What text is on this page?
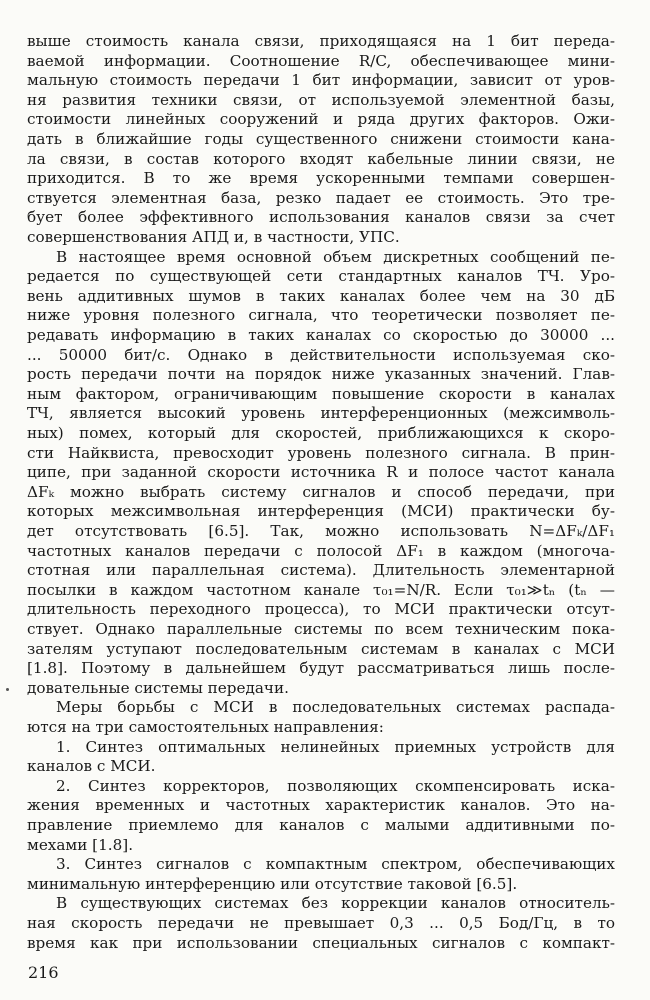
выше стоимость канала связи, приходящаяся на 1 бит переда-
ваемой информации. Соотношение R/C, обеспечивающее мини-
мальную стоимость передачи 1 бит информации, зависит от уров-
ня развития техники связи, от используемой элементной базы,
стоимости линейных сооружений и ряда других факторов. Ожи-
дать в ближайшие годы существенного снижени стоимости кана-
ла связи, в состав которого входят кабельные линии связи, не
приходится. В то же время ускоренными темпами совершен-
ствуется элементная база, резко падает ее стоимость. Это тре-
бует более эффективного использования каналов связи за счет
совершенствования АПД и, в частности, УПС.
В настоящее время основной объем дискретных сообщений пе-
редается по существующей сети стандартных каналов ТЧ. Уро-
вень аддитивных шумов в таких каналах более чем на 30 дБ
ниже уровня полезного сигнала, что теоретически позволяет пе-
редавать информацию в таких каналах со скоростью до 30000 ...
... 50000 бит/с. Однако в действительности используемая ско-
рость передачи почти на порядок ниже указанных значений. Глав-
ным фактором, ограничивающим повышение скорости в каналах
ТЧ, является высокий уровень интерференционных (межсимволь-
ных) помех, который для скоростей, приближающихся к скоро-
сти Найквиста, превосходит уровень полезного сигнала. В прин-
ципе, при заданной скорости источника R и полосе частот канала
ΔFₖ можно выбрать систему сигналов и способ передачи, при
которых межсимвольная интерференция (МСИ) практически бу-
дет отсутствовать [6.5]. Так, можно использовать N=ΔFₖ/ΔF₁
частотных каналов передачи с полосой ΔF₁ в каждом (многоча-
стотная или параллельная система). Длительность элементарной
посылки в каждом частотном канале τ₀₁=N/R. Если τ₀₁≫tₙ (tₙ —
длительность переходного процесса), то МСИ практически отсут-
ствует. Однако параллельные системы по всем техническим пока-
зателям уступают последовательным системам в каналах с МСИ
[1.8]. Поэтому в дальнейшем будут рассматриваться лишь после-
довательные системы передачи.
Меры борьбы с МСИ в последовательных системах распада-
ются на три самостоятельных направления:
1. Синтез оптимальных нелинейных приемных устройств для
каналов с МСИ.
2. Синтез корректоров, позволяющих скомпенсировать иска-
жения временных и частотных характеристик каналов. Это на-
правление приемлемо для каналов с малыми аддитивными по-
мехами [1.8].
3. Синтез сигналов с компактным спектром, обеспечивающих
минимальную интерференцию или отсутствие таковой [6.5].
В существующих системах без коррекции каналов относитель-
ная скорость передачи не превышает 0,3 ... 0,5 Бод/Гц, в то
время как при использовании специальных сигналов с компакт-
216
